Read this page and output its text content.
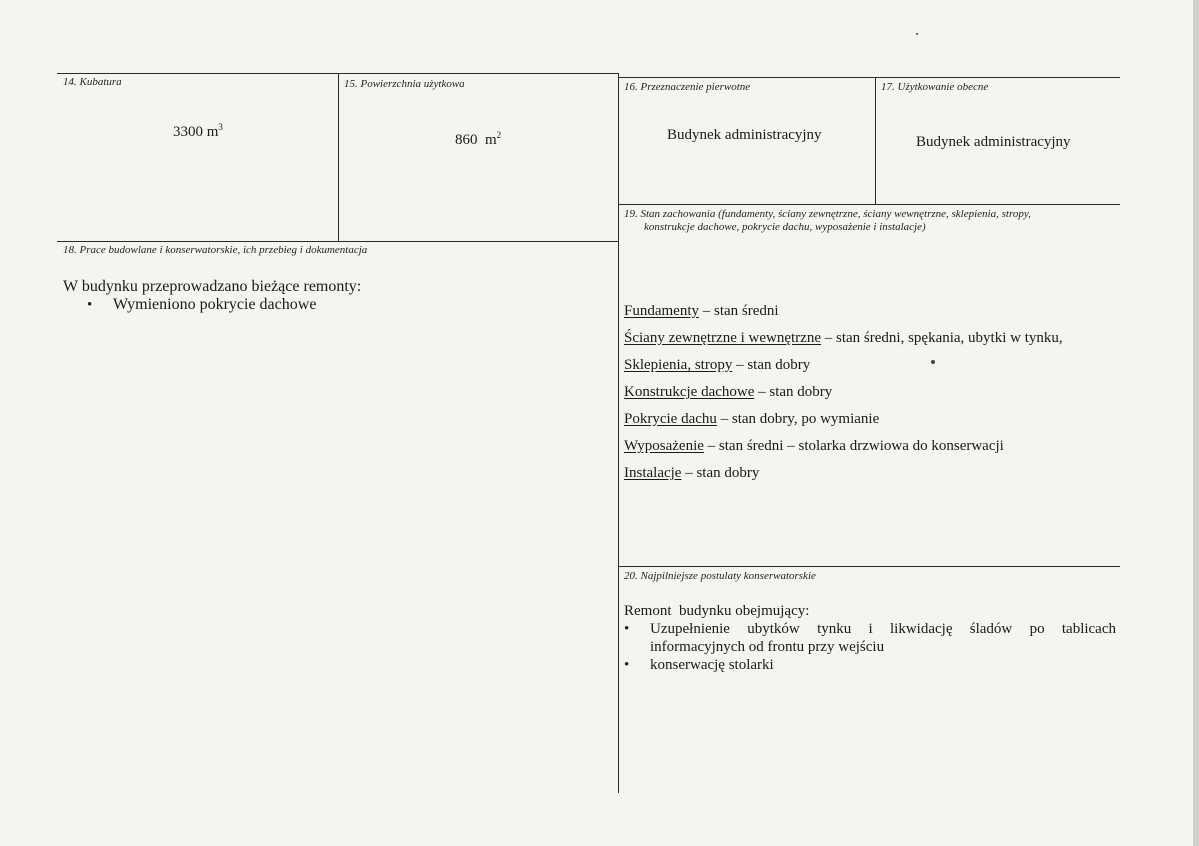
14. Kubatura
3300 $m^3$
15. Powierzchnia użytkowa
860  $m^2$
16. Przeznaczenie pierwotne
Budynek administracyjny
17. Użytkowanie obecne
Budynek administracyjny
18. Prace budowlane i konserwatorskie, ich przebieg i dokumentacja
W budynku przeprowadzano bieżące remonty:
• Wymieniono pokrycie dachowe
19. Stan zachowania (fundamenty, ściany zewnętrzne, ściany wewnętrzne, sklepienia, stropy,
konstrukcje dachowe, pokrycie dachu, wyposażenie i instalacje)
Fundamenty – stan średni
Ściany zewnętrzne i wewnętrzne – stan średni, spękania, ubytki w tynku,
Sklepienia, stropy – stan dobry
Konstrukcje dachowe – stan dobry
Pokrycie dachu – stan dobry, po wymianie
Wyposażenie – stan średni – stolarka drzwiowa do konserwacji
Instalacje – stan dobry
20. Najpilniejsze postulaty konserwatorskie
Remont  budynku obejmujący:
• Uzupełnienie  ubytków  tynku  i  likwidację  śladów  po  tablicach informacyjnych od frontu przy wejściu
• konserwację stolarki
